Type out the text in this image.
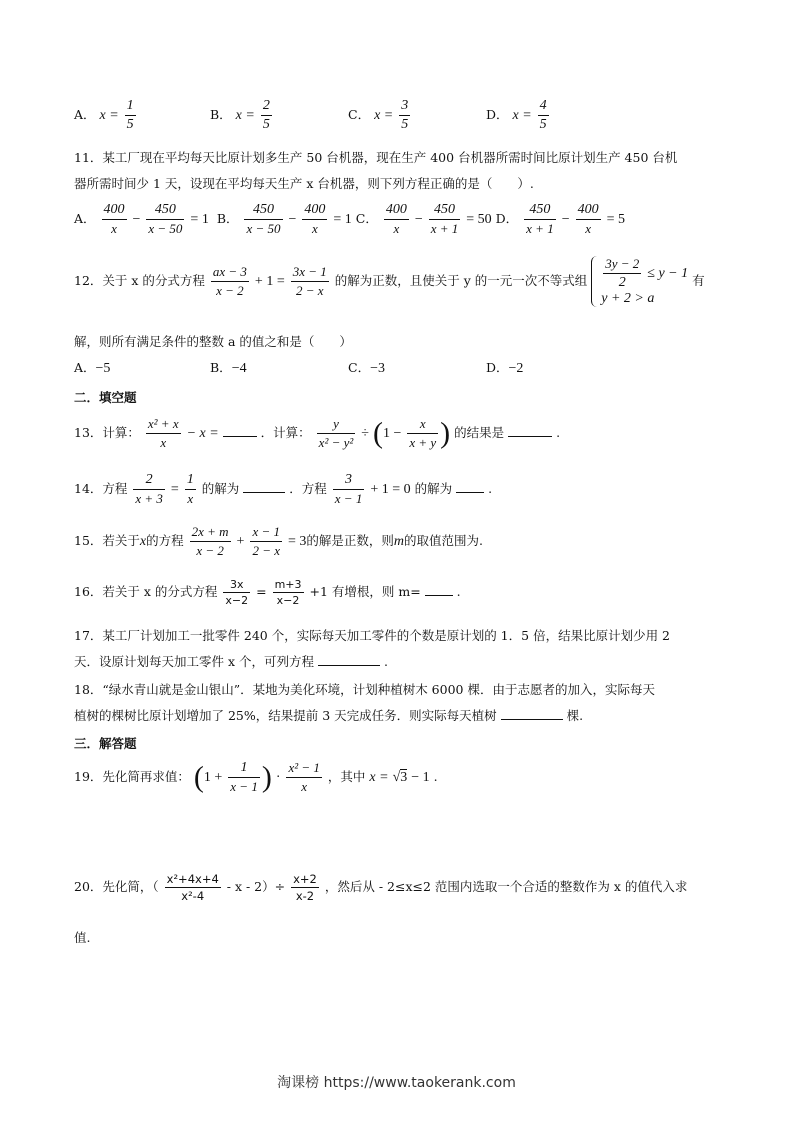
A． $x = \frac{1}{5}$	B． $x = \frac{2}{5}$	C． $x = \frac{3}{5}$	D． $x = \frac{4}{5}$
11．某工厂现在平均每天比原计划多生产 50 台机器，现在生产 400 台机器所需时间比原计划生产 450 台机
器所需时间少 1 天，设现在平均每天生产 x 台机器，则下列方程正确的是（　　）.
A． $\frac{400}{x} - \frac{450}{x - 50} = 1$ B． $\frac{450}{x - 50} - \frac{400}{x} = 1$ C． $\frac{400}{x} - \frac{450}{x + 1} = 50$ D． $\frac{450}{x + 1} - \frac{400}{x} = 5$
12．关于 x 的分式方程 $\frac{ax - 3}{x - 2} + 1 = \frac{3x - 1}{2 - x}$ 的解为正数，且使关于 y 的一元一次不等式组 $\frac{3y - 2}{2} \le y - 1$
y + 2 > a
有
解，则所有满足条件的整数 a 的值之和是（　　）
A．−5	B．−4	C．−3	D．−2
二．填空题
13．计算： $\frac{\text{x² + x}}{x} - x$ =	．计算： $\frac{y}{\text{x² − y²}} \div (1 - \frac{x}{x + y}$ ) 的结果是	.
14．方程 $\frac{2}{x + 3} = \frac{1}{x}$ 的解为	．方程 $\frac{3}{x - 1} + 1 = 0$ 的解为	.
15．若关于x的方程 $\frac{2x + m}{x - 2} + \frac{x - 1}{2 - x} = 3$的解是正数，则m的取值范围为.
16．若关于 x 的分式方程 $\frac{3x}{x-2} = \frac{m+3}{x-2} +1$ 有增根，则 m=	.
17．某工厂计划加工一批零件 240 个，实际每天加工零件的个数是原计划的 1．5 倍，结果比原计划少用 2
天．设原计划每天加工零件 x 个，可列方程	.
18．“绿水青山就是金山银山”．某地为美化环境，计划种植树木 6000 棵．由于志愿者的加入，实际每天
植树的棵树比原计划增加了 25%，结果提前 3 天完成任务．则实际每天植树	棵.
三．解答题
19．先化简再求值： ($1 + \frac{1}{x - 1}$ ) · $\frac{\text{x² − 1}}{x}$ ，其中 x = √3 − 1 .
20．先化简，（ $\frac{\text{x²+4x+4}}{\text{x²-4}} - x - 2)\div \frac{x+2}{x-2}$ ，然后从 - 2≤x≤2 范围内选取一个合适的整数作为 x 的值代入求
值.
淘课榜 https://www.taokerank.com
